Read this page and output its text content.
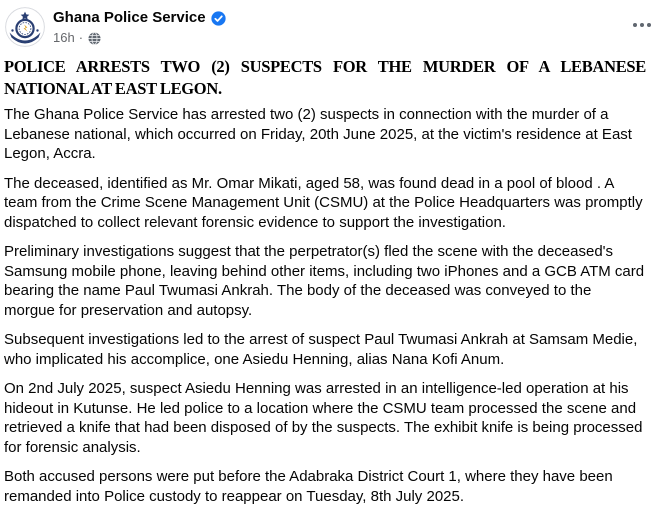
Ghana Police Service
16h ·
POLICE ARRESTS TWO (2) SUSPECTS FOR THE MURDER OF A LEBANESE NATIONAL AT EAST LEGON.

The Ghana Police Service has arrested two (2) suspects in connection with the murder of a Lebanese national, which occurred on Friday, 20th June 2025, at the victim's residence at East Legon, Accra.

The deceased, identified as Mr. Omar Mikati, aged 58, was found dead in a pool of blood . A team from the Crime Scene Management Unit (CSMU) at the Police Headquarters was promptly dispatched to collect relevant forensic evidence to support the investigation.

Preliminary investigations suggest that the perpetrator(s) fled the scene with the deceased's Samsung mobile phone, leaving behind other items, including two iPhones and a GCB ATM card bearing the name Paul Twumasi Ankrah. The body of the deceased was conveyed to the morgue for preservation and autopsy.

Subsequent investigations led to the arrest of suspect Paul Twumasi Ankrah at Samsam Medie, who implicated his accomplice, one Asiedu Henning, alias Nana Kofi Anum.

On 2nd July 2025, suspect Asiedu Henning was arrested in an intelligence-led operation at his hideout in Kutunse. He led police to a location where the CSMU team processed the scene and retrieved a knife that had been disposed of by the suspects. The exhibit knife is being processed for forensic analysis.

Both accused persons were put before the Adabraka District Court 1, where they have been remanded into Police custody to reappear on Tuesday, 8th July 2025.
